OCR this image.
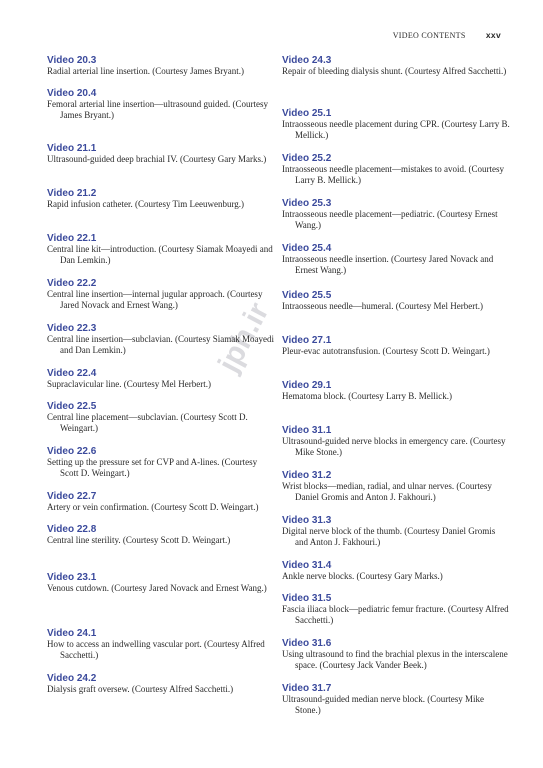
VIDEO CONTENTS xxv
jph.ir
Video 20.3
Radial arterial line insertion. (Courtesy James Bryant.)
Video 20.4
Femoral arterial line insertion—ultrasound guided. (Courtesy James Bryant.)
Video 21.1
Ultrasound-guided deep brachial IV. (Courtesy Gary Marks.)
Video 21.2
Rapid infusion catheter. (Courtesy Tim Leeuwenburg.)
Video 22.1
Central line kit—introduction. (Courtesy Siamak Moayedi and Dan Lemkin.)
Video 22.2
Central line insertion—internal jugular approach. (Courtesy Jared Novack and Ernest Wang.)
Video 22.3
Central line insertion—subclavian. (Courtesy Siamak Moayedi and Dan Lemkin.)
Video 22.4
Supraclavicular line. (Courtesy Mel Herbert.)
Video 22.5
Central line placement—subclavian. (Courtesy Scott D. Weingart.)
Video 22.6
Setting up the pressure set for CVP and A-lines. (Courtesy Scott D. Weingart.)
Video 22.7
Artery or vein confirmation. (Courtesy Scott D. Weingart.)
Video 22.8
Central line sterility. (Courtesy Scott D. Weingart.)
Video 23.1
Venous cutdown. (Courtesy Jared Novack and Ernest Wang.)
Video 24.1
How to access an indwelling vascular port. (Courtesy Alfred Sacchetti.)
Video 24.2
Dialysis graft oversew. (Courtesy Alfred Sacchetti.)
Video 24.3
Repair of bleeding dialysis shunt. (Courtesy Alfred Sacchetti.)
Video 25.1
Intraosseous needle placement during CPR. (Courtesy Larry B. Mellick.)
Video 25.2
Intraosseous needle placement—mistakes to avoid. (Courtesy Larry B. Mellick.)
Video 25.3
Intraosseous needle placement—pediatric. (Courtesy Ernest Wang.)
Video 25.4
Intraosseous needle insertion. (Courtesy Jared Novack and Ernest Wang.)
Video 25.5
Intraosseous needle—humeral. (Courtesy Mel Herbert.)
Video 27.1
Pleur-evac autotransfusion. (Courtesy Scott D. Weingart.)
Video 29.1
Hematoma block. (Courtesy Larry B. Mellick.)
Video 31.1
Ultrasound-guided nerve blocks in emergency care. (Courtesy Mike Stone.)
Video 31.2
Wrist blocks—median, radial, and ulnar nerves. (Courtesy Daniel Gromis and Anton J. Fakhouri.)
Video 31.3
Digital nerve block of the thumb. (Courtesy Daniel Gromis and Anton J. Fakhouri.)
Video 31.4
Ankle nerve blocks. (Courtesy Gary Marks.)
Video 31.5
Fascia iliaca block—pediatric femur fracture. (Courtesy Alfred Sacchetti.)
Video 31.6
Using ultrasound to find the brachial plexus in the interscalene space. (Courtesy Jack Vander Beek.)
Video 31.7
Ultrasound-guided median nerve block. (Courtesy Mike Stone.)
